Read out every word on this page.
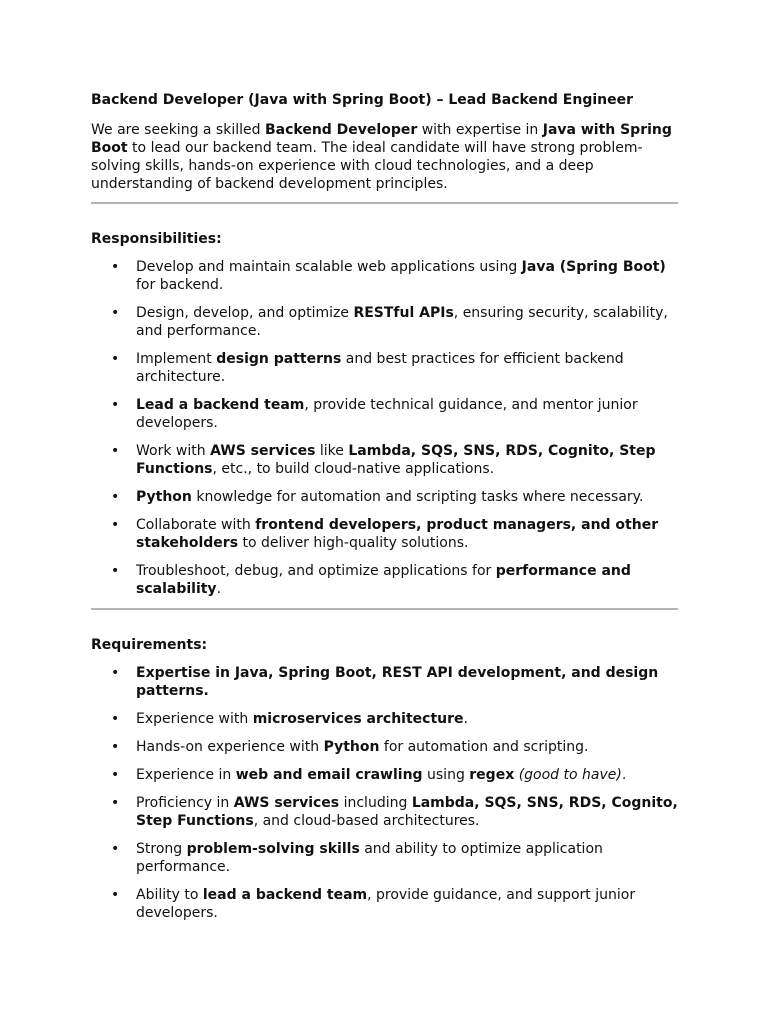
Backend Developer (Java with Spring Boot) – Lead Backend Engineer

We are seeking a skilled Backend Developer with expertise in Java with Spring Boot to lead our backend team. The ideal candidate will have strong problem-solving skills, hands-on experience with cloud technologies, and a deep understanding of backend development principles.

Responsibilities:
• Develop and maintain scalable web applications using Java (Spring Boot) for backend.
• Design, develop, and optimize RESTful APIs, ensuring security, scalability, and performance.
• Implement design patterns and best practices for efficient backend architecture.
• Lead a backend team, provide technical guidance, and mentor junior developers.
• Work with AWS services like Lambda, SQS, SNS, RDS, Cognito, Step Functions, etc., to build cloud-native applications.
• Python knowledge for automation and scripting tasks where necessary.
• Collaborate with frontend developers, product managers, and other stakeholders to deliver high-quality solutions.
• Troubleshoot, debug, and optimize applications for performance and scalability.
Requirements:
• Expertise in Java, Spring Boot, REST API development, and design patterns.
• Experience with microservices architecture.
• Hands-on experience with Python for automation and scripting.
• Experience in web and email crawling using regex (good to have).
• Proficiency in AWS services including Lambda, SQS, SNS, RDS, Cognito, Step Functions, and cloud-based architectures.
• Strong problem-solving skills and ability to optimize application performance.
• Ability to lead a backend team, provide guidance, and support junior developers.
